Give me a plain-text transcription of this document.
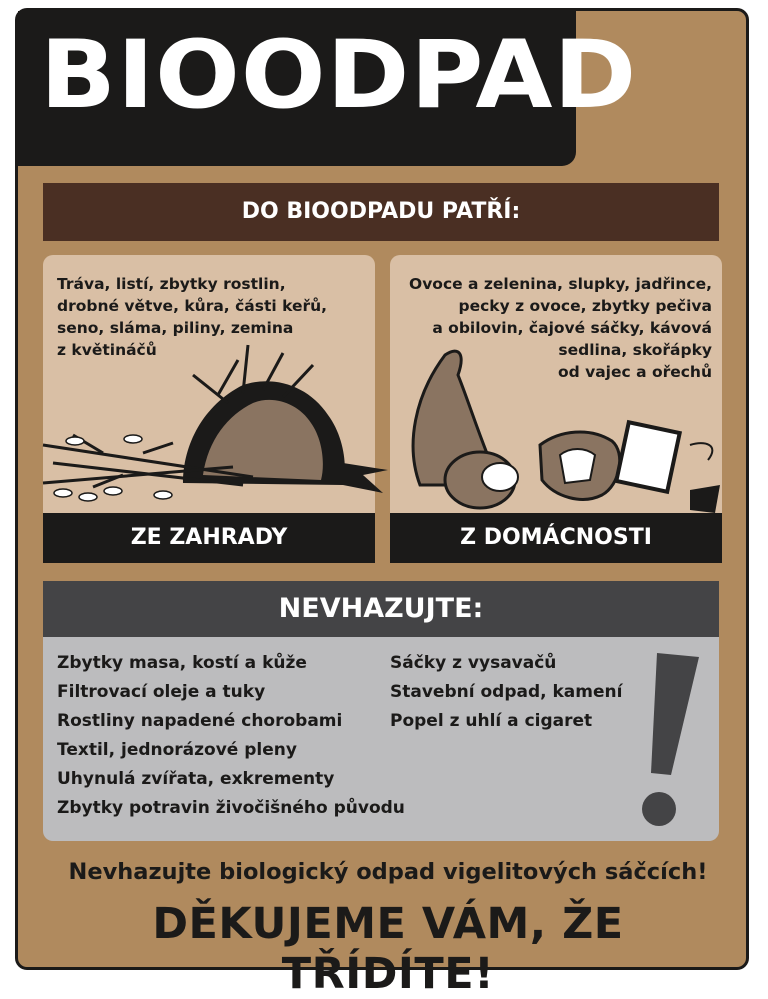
BIOODPAD
DO BIOODPADU PATŘÍ:
Tráva, listí, zbytky rostlin,
drobné větve, kůra, části keřů,
seno, sláma, piliny, zemina
z květináčů
ZE ZAHRADY
Ovoce a zelenina, slupky, jadřince,
pecky z ovoce, zbytky pečiva
a obilovin, čajové sáčky, kávová
sedlina, skořápky
od vajec a ořechů
Z DOMÁCNOSTI
NEVHAZUJTE:
Zbytky masa, kostí a kůže
Filtrovací oleje a tuky
Rostliny napadené chorobami
Textil, jednorázové pleny
Uhynulá zvířata, exkrementy
Zbytky potravin živočišného původu
Sáčky z vysavačů
Stavební odpad, kamení
Popel z uhlí a cigaret
Nevhazujte biologický odpad vigelitových sáčcích!
DĚKUJEME VÁM, ŽE TŘÍDÍTE!
